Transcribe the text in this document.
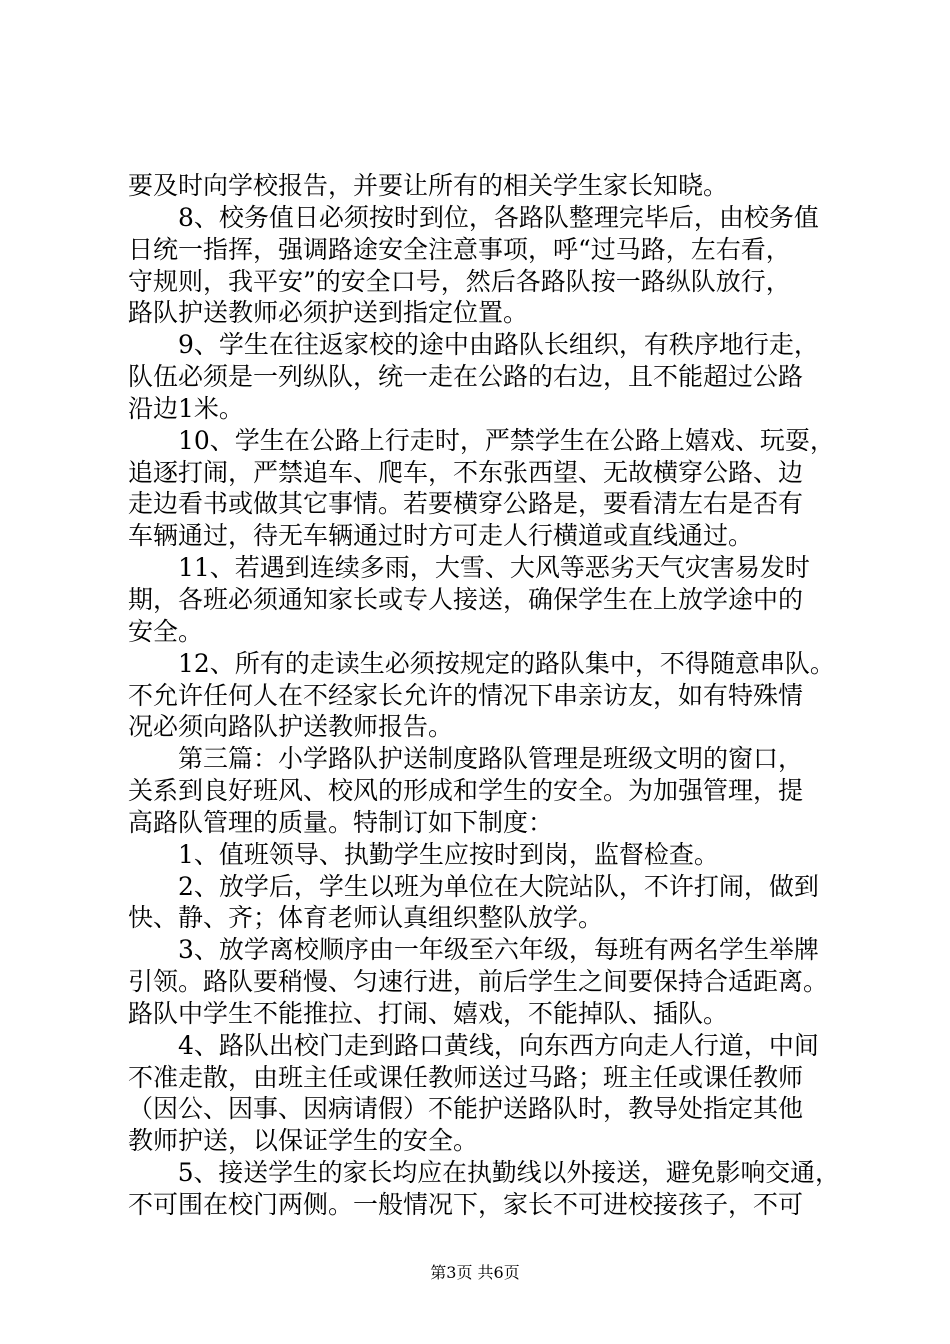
要及时向学校报告，并要让所有的相关学生家长知晓。
　　8、校务值日必须按时到位，各路队整理完毕后，由校务值
日统一指挥，强调路途安全注意事项，呼“过马路，左右看，
守规则，我平安”的安全口号，然后各路队按一路纵队放行，
路队护送教师必须护送到指定位置。
　　9、学生在往返家校的途中由路队长组织，有秩序地行走，
队伍必须是一列纵队，统一走在公路的右边，且不能超过公路
沿边1米。
　　10、学生在公路上行走时，严禁学生在公路上嬉戏、玩耍，
追逐打闹，严禁追车、爬车，不东张西望、无故横穿公路、边
走边看书或做其它事情。若要横穿公路是，要看清左右是否有
车辆通过，待无车辆通过时方可走人行横道或直线通过。
　　11、若遇到连续多雨，大雪、大风等恶劣天气灾害易发时
期，各班必须通知家长或专人接送，确保学生在上放学途中的
安全。
　　12、所有的走读生必须按规定的路队集中，不得随意串队。
不允许任何人在不经家长允许的情况下串亲访友，如有特殊情
况必须向路队护送教师报告。
　　第三篇：小学路队护送制度路队管理是班级文明的窗口，
关系到良好班风、校风的形成和学生的安全。为加强管理，提
高路队管理的质量。特制订如下制度：
　　1、值班领导、执勤学生应按时到岗，监督检查。
　　2、放学后，学生以班为单位在大院站队，不许打闹，做到
快、静、齐；体育老师认真组织整队放学。
　　3、放学离校顺序由一年级至六年级，每班有两名学生举牌
引领。路队要稍慢、匀速行进，前后学生之间要保持合适距离。
路队中学生不能推拉、打闹、嬉戏，不能掉队、插队。
　　4、路队出校门走到路口黄线，向东西方向走人行道，中间
不准走散，由班主任或课任教师送过马路；班主任或课任教师
（因公、因事、因病请假）不能护送路队时，教导处指定其他
教师护送，以保证学生的安全。
　　5、接送学生的家长均应在执勤线以外接送，避免影响交通，
不可围在校门两侧。一般情况下，家长不可进校接孩子，不可
第3页 共6页
